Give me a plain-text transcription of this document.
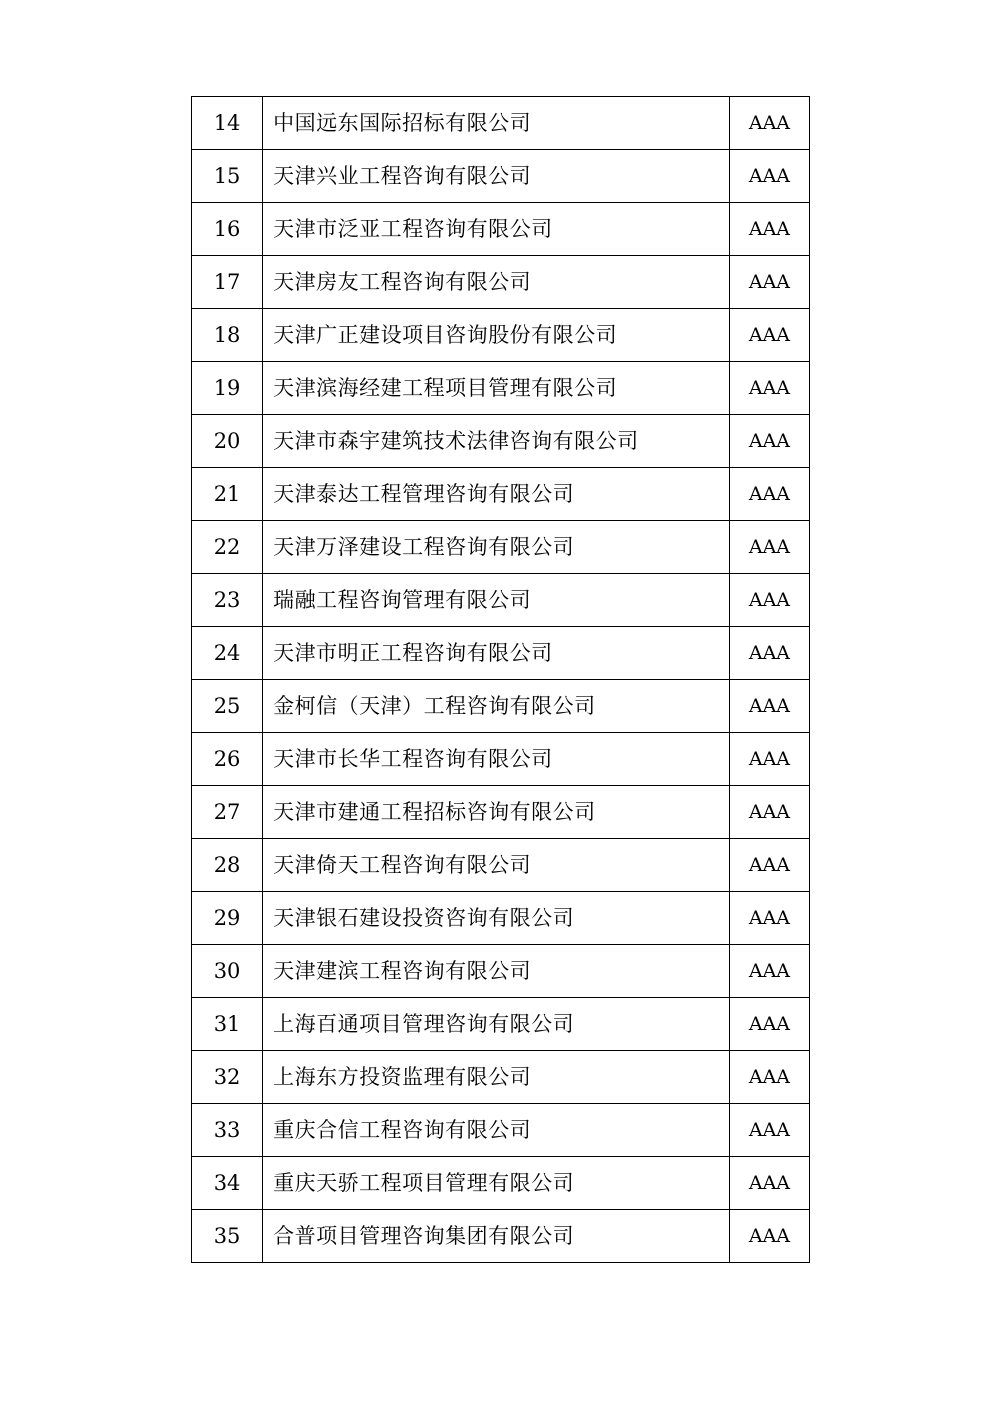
14	中国远东国际招标有限公司	AAA
15	天津兴业工程咨询有限公司	AAA
16	天津市泛亚工程咨询有限公司	AAA
17	天津房友工程咨询有限公司	AAA
18	天津广正建设项目咨询股份有限公司	AAA
19	天津滨海经建工程项目管理有限公司	AAA
20	天津市森宇建筑技术法律咨询有限公司	AAA
21	天津泰达工程管理咨询有限公司	AAA
22	天津万泽建设工程咨询有限公司	AAA
23	瑞融工程咨询管理有限公司	AAA
24	天津市明正工程咨询有限公司	AAA
25	金柯信（天津）工程咨询有限公司	AAA
26	天津市长华工程咨询有限公司	AAA
27	天津市建通工程招标咨询有限公司	AAA
28	天津倚天工程咨询有限公司	AAA
29	天津银石建设投资咨询有限公司	AAA
30	天津建滨工程咨询有限公司	AAA
31	上海百通项目管理咨询有限公司	AAA
32	上海东方投资监理有限公司	AAA
33	重庆合信工程咨询有限公司	AAA
34	重庆天骄工程项目管理有限公司	AAA
35	合普项目管理咨询集团有限公司	AAA
